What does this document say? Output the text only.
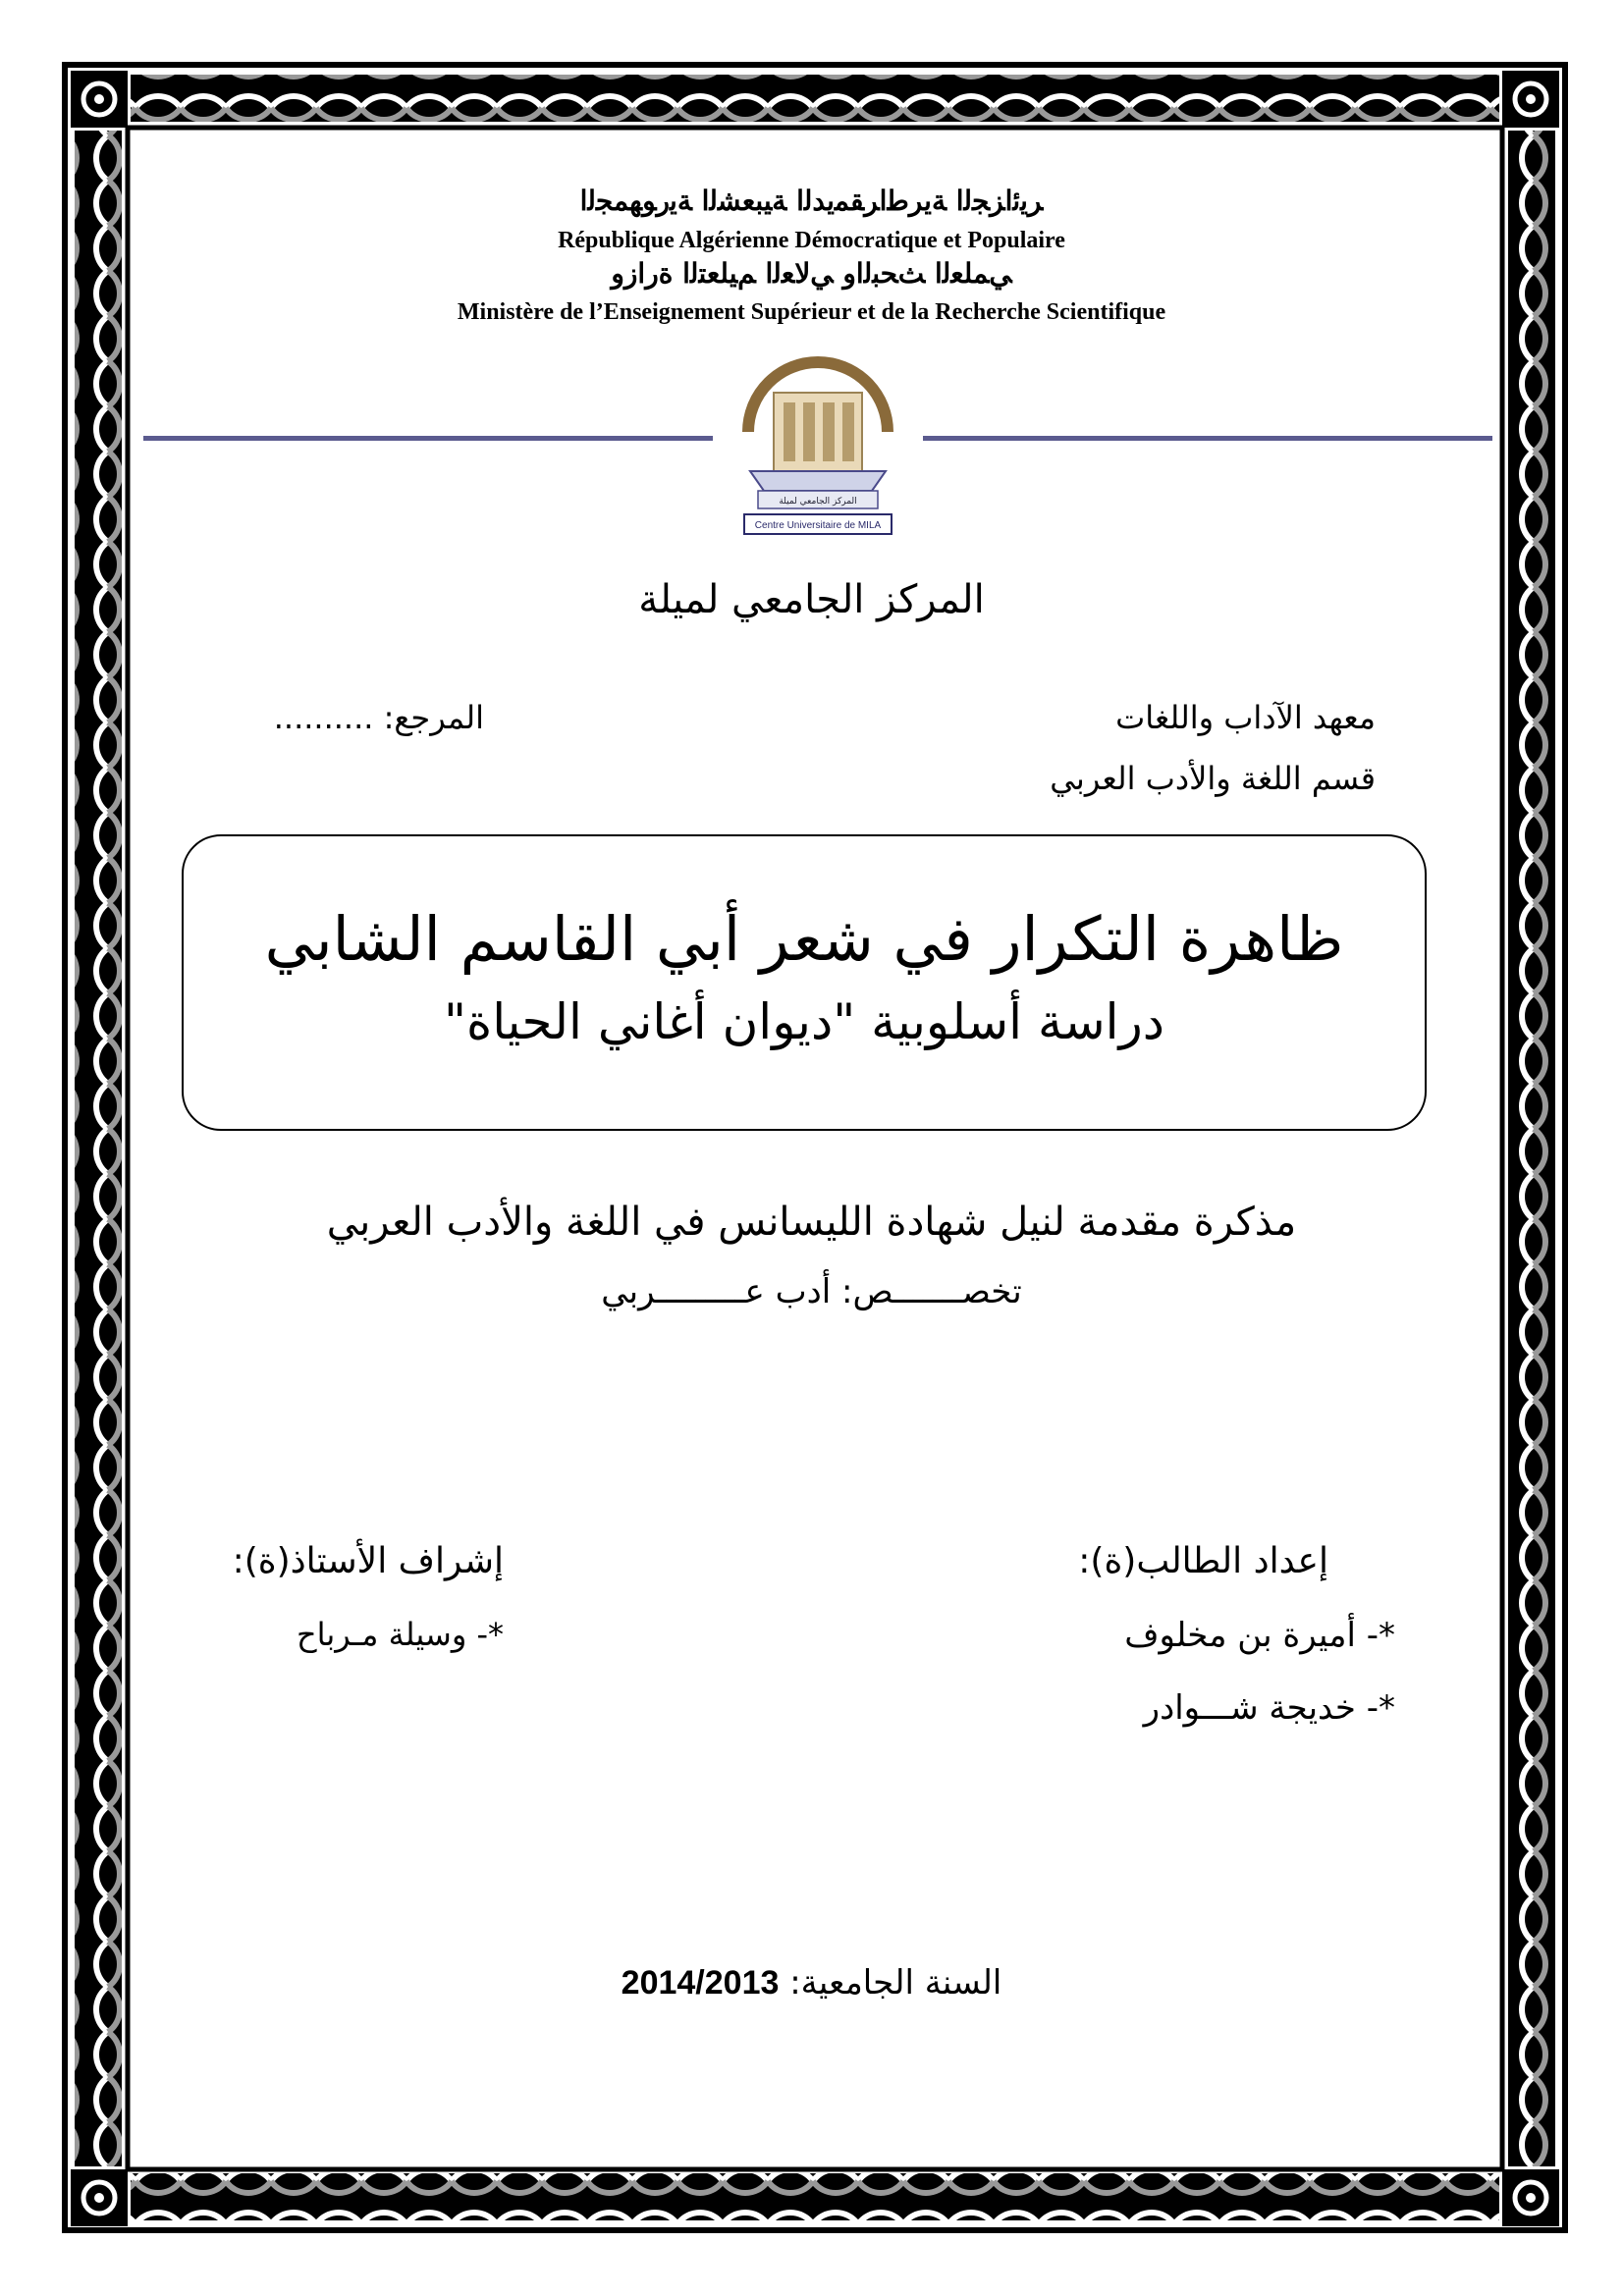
ﺮﻳﺋﺍﺰﺠﻟﺍ ﺔﻳﺮﻃﺍﺮﻘﻤﻳﺪﻟﺍ ﺔﻴﺒﻌﺸﻟﺍ ﺔﻳﺭﻮﻬﻤﺠﻟﺍ
République Algérienne Démocratique et Populaire
ﻲﻤﻠﻌﻟﺍ ﺚﺤﺒﻟﺍﻭ ﻲﻟﺎﻌﻟﺍ ﻢﻴﻠﻌﺘﻟﺍ ﺓﺭﺍﺯﻭ
Ministère de l’Enseignement Supérieur et de la Recherche Scientifique
المركز الجامعي لميلة
Centre Universitaire de MILA
المركز الجامعي لميلة
معهد الآداب واللغات
قسم اللغة والأدب العربي
المرجع: ..........
ظاهرة التكرار في شعر أبي القاسم الشابي
دراسة أسلوبية "ديوان أغاني الحياة"
مذكرة مقدمة لنيل شهادة الليسانس في اللغة والأدب العربي
تخصـــــــص: أدب عـــــــــربي
إعداد الطالب(ة):
*- أميرة بن مخلوف
*- خديجة شـــوادر
إشراف الأستاذ(ة):
*- وسيلة مـرباح
السنة الجامعية: 2014/2013
